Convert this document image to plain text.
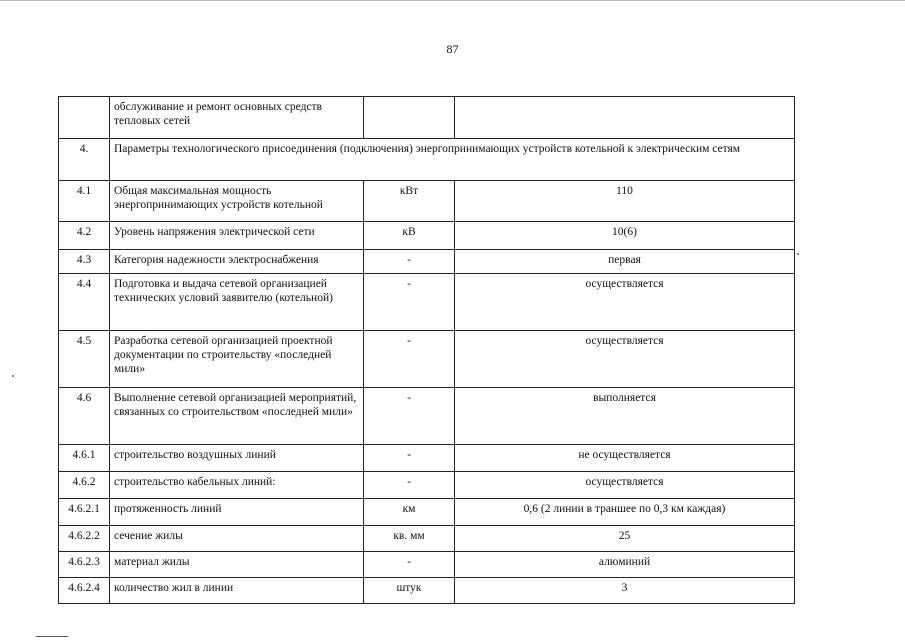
87
	обслуживание и ремонт основных средств тепловых сетей		
4.	Параметры технологического присоединения (подключения) энергопринимающих устройств котельной к электрическим сетям		
4.1	Общая максимальная мощность энергопринимающих устройств котельной	кВт	110
4.2	Уровень напряжения электрической сети	кВ	10(6)
4.3	Категория надежности электроснабжения	-	первая
4.4	Подготовка и выдача сетевой организацией технических условий заявителю (котельной)	-	осуществляется
4.5	Разработка сетевой организацией проектной документации по строительству «последней мили»	-	осуществляется
4.6	Выполнение сетевой организацией мероприятий, связанных со строительством «последней мили»	-	выполняется
4.6.1	строительство воздушных линий	-	не осуществляется
4.6.2	строительство кабельных линий:	-	осуществляется
4.6.2.1	протяженность линий	км	0,6 (2 линии в траншее по 0,3 км каждая)
4.6.2.2	сечение жилы	кв. мм	25
4.6.2.3	материал жилы	-	алюминий
4.6.2.4	количество жил в линии	штук	3
